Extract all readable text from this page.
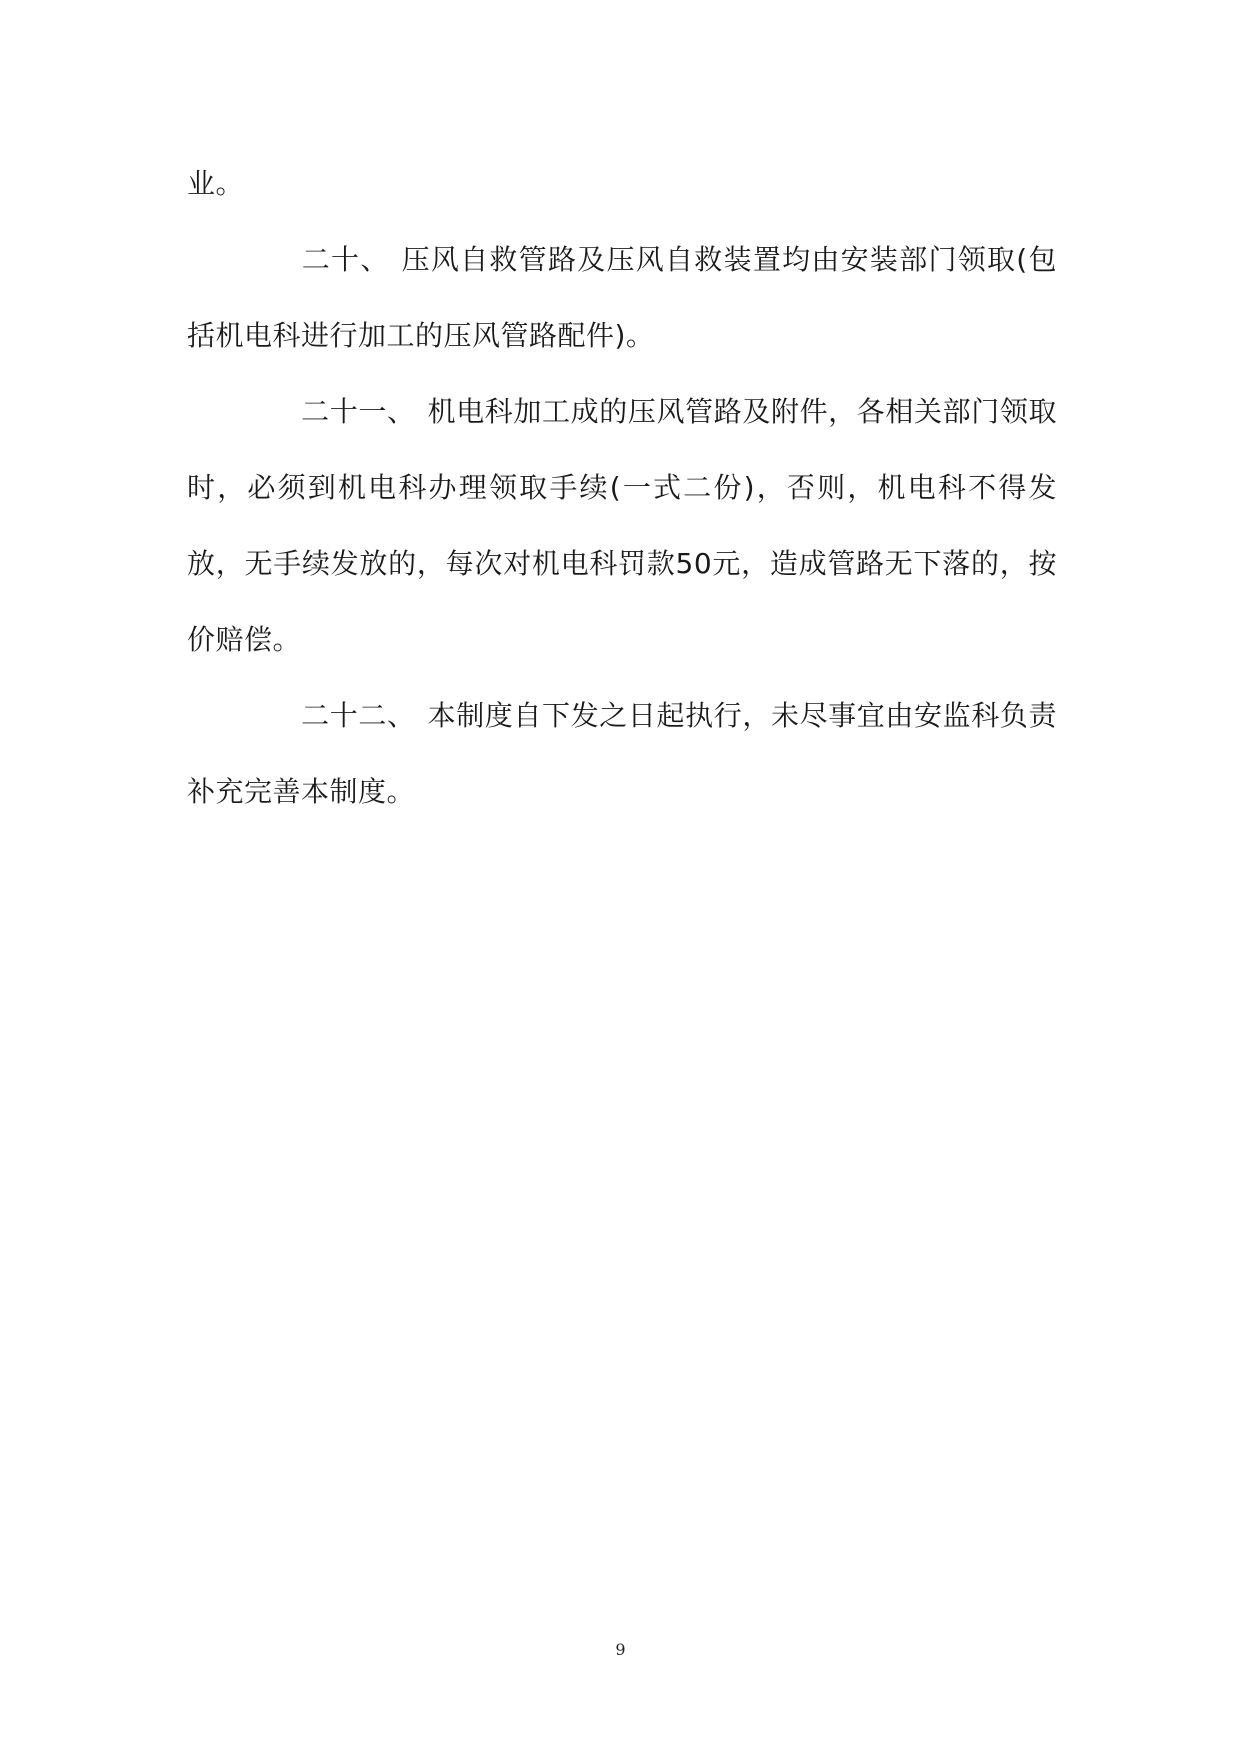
业。

二十、 压风自救管路及压风自救装置均由安装部门领取(包括机电科进行加工的压风管路配件)。

二十一、 机电科加工成的压风管路及附件，各相关部门领取时，必须到机电科办理领取手续(一式二份)，否则，机电科不得发放，无手续发放的，每次对机电科罚款50元，造成管路无下落的，按价赔偿。

二十二、 本制度自下发之日起执行，未尽事宜由安监科负责补充完善本制度。

9
